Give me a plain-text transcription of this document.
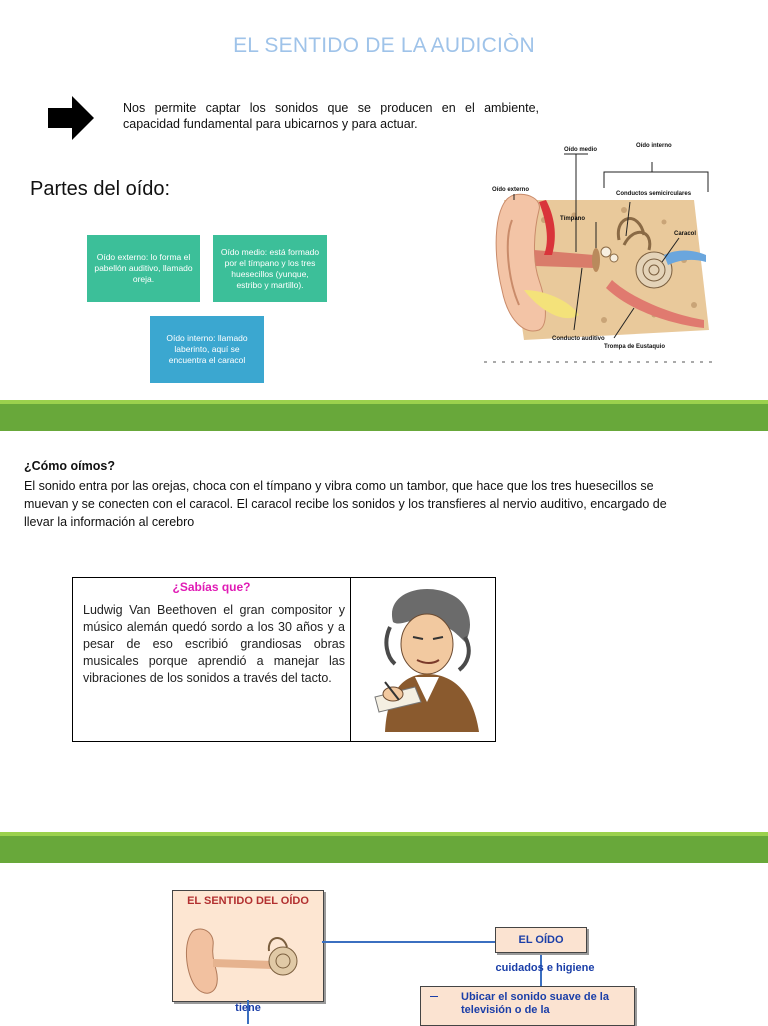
EL SENTIDO DE LA AUDICIÒN
Nos permite captar los sonidos que se producen en el ambiente, capacidad fundamental para ubicarnos y para actuar.
Partes del oído:
Oído externo: lo forma el pabellón auditivo, llamado oreja.
Oído medio: está formado por el tímpano y los tres huesecillos (yunque, estribo y martillo).
Oído interno: llamado laberinto, aquí se encuentra el caracol
Oído medio
Oído interno
Oído externo
Conductos semicirculares
Tímpano
Caracol
Conducto auditivo
Trompa de Eustaquio
¿Cómo oímos?
El sonido entra por las orejas, choca con el tímpano y vibra como un tambor, que hace que los tres huesecillos se muevan y se conecten con el caracol. El caracol recibe los sonidos y los transfieres al nervio auditivo, encargado de llevar la información al cerebro
¿Sabías que?
Ludwig Van Beethoven el gran compositor y músico alemán quedó sordo a los 30 años y a pesar de eso escribió grandiosas obras musicales porque aprendió a manejar las vibraciones de los sonidos a través del tacto.
EL SENTIDO DEL OÍDO
EL OÍDO
cuidados e higiene
tiene
Ubicar el sonido suave de la televisión o de la
